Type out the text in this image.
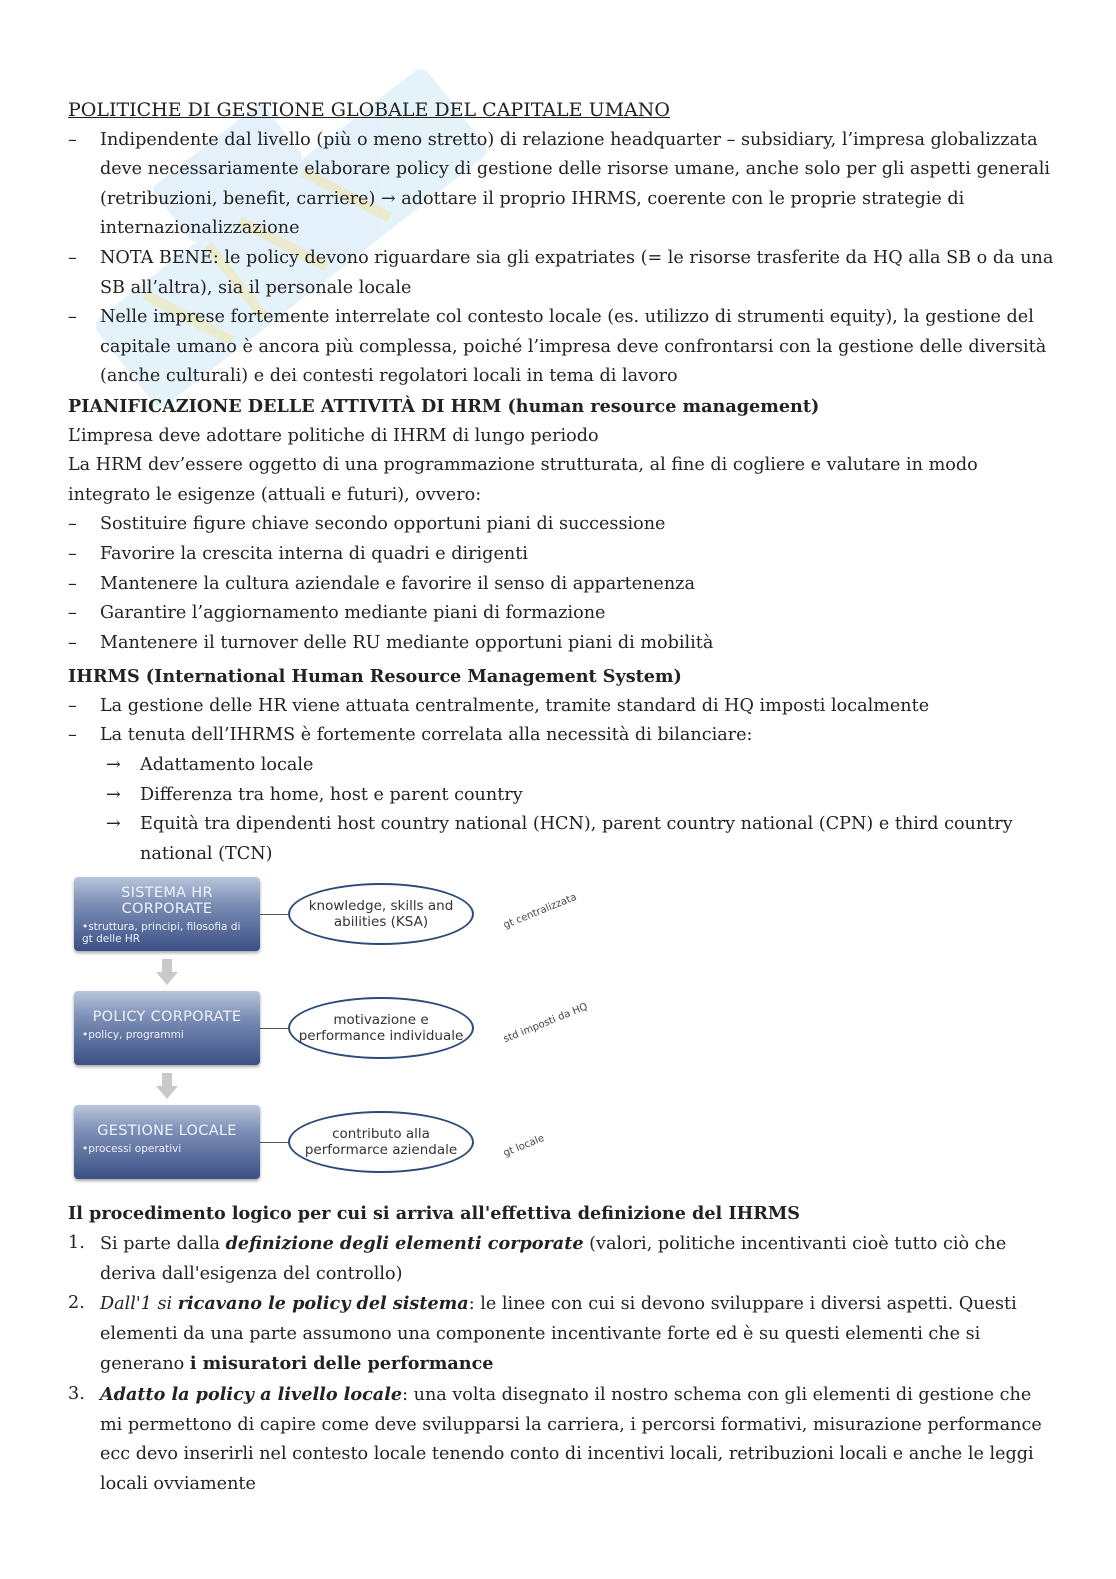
POLITICHE DI GESTIONE GLOBALE DEL CAPITALE UMANO
– Indipendente dal livello (più o meno stretto) di relazione headquarter – subsidiary, l’impresa globalizzata deve necessariamente elaborare policy di gestione delle risorse umane, anche solo per gli aspetti generali (retribuzioni, benefit, carriere) → adottare il proprio IHRMS, coerente con le proprie strategie di internazionalizzazione
– NOTA BENE: le policy devono riguardare sia gli expatriates (= le risorse trasferite da HQ alla SB o da una SB all’altra), sia il personale locale
– Nelle imprese fortemente interrelate col contesto locale (es. utilizzo di strumenti equity), la gestione del capitale umano è ancora più complessa, poiché l’impresa deve confrontarsi con la gestione delle diversità (anche culturali) e dei contesti regolatori locali in tema di lavoro
PIANIFICAZIONE DELLE ATTIVITÀ DI HRM (human resource management)
L’impresa deve adottare politiche di IHRM di lungo periodo
La HRM dev’essere oggetto di una programmazione strutturata, al fine di cogliere e valutare in modo integrato le esigenze (attuali e futuri), ovvero:
– Sostituire figure chiave secondo opportuni piani di successione
– Favorire la crescita interna di quadri e dirigenti
– Mantenere la cultura aziendale e favorire il senso di appartenenza
– Garantire l’aggiornamento mediante piani di formazione
– Mantenere il turnover delle RU mediante opportuni piani di mobilità
IHRMS (International Human Resource Management System)
– La gestione delle HR viene attuata centralmente, tramite standard di HQ imposti localmente
– La tenuta dell’IHRMS è fortemente correlata alla necessità di bilanciare:
→ Adattamento locale
→ Differenza tra home, host e parent country
→ Equità tra dipendenti host country national (HCN), parent country national (CPN) e third country national (TCN)
SISTEMA HR
CORPORATE
•struttura, principi, filosofia di gt delle HR
knowledge, skills and abilities (KSA)	gt centralizzata
POLICY CORPORATE
•policy, programmi
motivazione e performance individuale	std imposti da HQ
GESTIONE LOCALE
•processi operativi
contributo alla performarce aziendale	gt locale
Il procedimento logico per cui si arriva all'effettiva definizione del IHRMS
1. Si parte dalla definizione degli elementi corporate (valori, politiche incentivanti cioè tutto ciò che deriva dall'esigenza del controllo)
2. Dall'1 si ricavano le policy del sistema: le linee con cui si devono sviluppare i diversi aspetti. Questi elementi da una parte assumono una componente incentivante forte ed è su questi elementi che si generano i misuratori delle performance
3. Adatto la policy a livello locale: una volta disegnato il nostro schema con gli elementi di gestione che mi permettono di capire come deve svilupparsi la carriera, i percorsi formativi, misurazione performance ecc devo inserirli nel contesto locale tenendo conto di incentivi locali, retribuzioni locali e anche le leggi locali ovviamente
